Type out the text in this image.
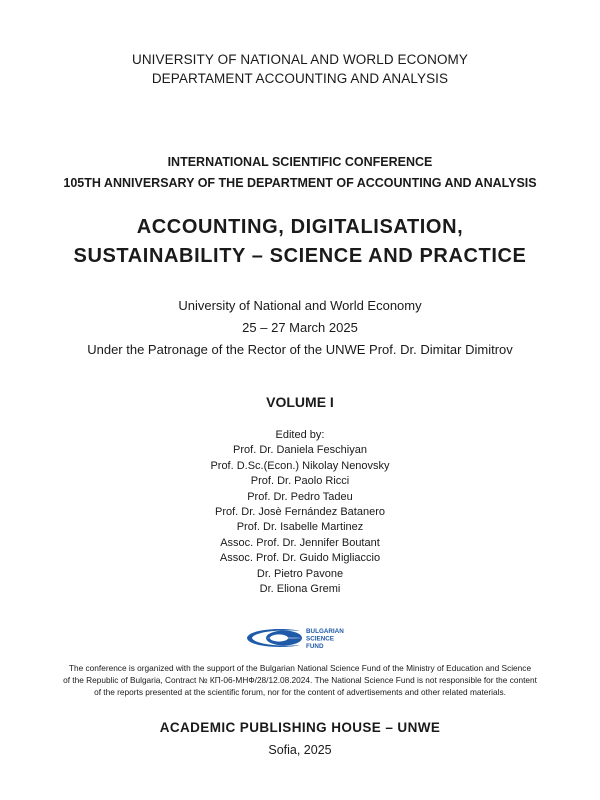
UNIVERSITY OF NATIONAL AND WORLD ECONOMY
DEPARTAMENT ACCOUNTING AND ANALYSIS
INTERNATIONAL SCIENTIFIC CONFERENCE
105TH ANNIVERSARY OF THE DEPARTMENT OF ACCOUNTING AND ANALYSIS
ACCOUNTING, DIGITALISATION,
SUSTAINABILITY – SCIENCE AND PRACTICE
University of National and World Economy
25 – 27 March 2025
Under the Patronage of the Rector of the UNWE Prof. Dr. Dimitar Dimitrov
VOLUME I
Edited by:
Prof. Dr. Daniela Feschiyan
Prof. D.Sc.(Econ.) Nikolay Nenovsky
Prof. Dr. Paolo Ricci
Prof. Dr. Pedro Tadeu
Prof. Dr. Josè Fernández Batanero
Prof. Dr. Isabelle Martinez
Assoc. Prof. Dr. Jennifer Boutant
Assoc. Prof. Dr. Guido Migliaccio
Dr. Pietro Pavone
Dr. Eliona Gremi
BULGARIAN
SCIENCE
FUND
The conference is organized with the support of the Bulgarian National Science Fund of the Ministry of Education and Science
of the Republic of Bulgaria, Contract № КП-06-МНФ/28/12.08.2024. The National Science Fund is not responsible for the content
of the reports presented at the scientific forum, nor for the content of advertisements and other related materials.
ACADEMIC PUBLISHING HOUSE – UNWE
Sofia, 2025
